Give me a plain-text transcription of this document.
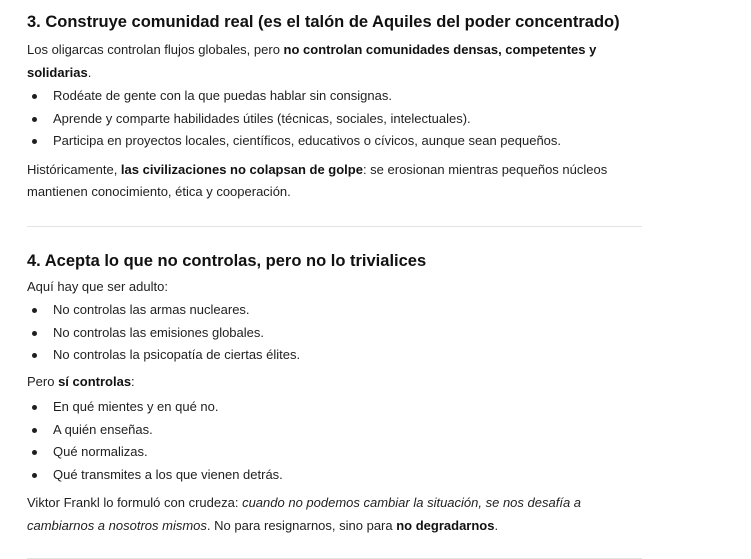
3. Construye comunidad real (es el talón de Aquiles del poder concentrado)

Los oligarcas controlan flujos globales, pero no controlan comunidades densas, competentes y solidarias.

Rodéate de gente con la que puedas hablar sin consignas.
Aprende y comparte habilidades útiles (técnicas, sociales, intelectuales).
Participa en proyectos locales, científicos, educativos o cívicos, aunque sean pequeños.

Históricamente, las civilizaciones no colapsan de golpe: se erosionan mientras pequeños núcleos mantienen conocimiento, ética y cooperación.

4. Acepta lo que no controlas, pero no lo trivialices

Aquí hay que ser adulto:

No controlas las armas nucleares.
No controlas las emisiones globales.
No controlas la psicopatía de ciertas élites.

Pero sí controlas:

En qué mientes y en qué no.
A quién enseñas.
Qué normalizas.
Qué transmites a los que vienen detrás.

Viktor Frankl lo formuló con crudeza: cuando no podemos cambiar la situación, se nos desafía a cambiarnos a nosotros mismos. No para resignarnos, sino para no degradarnos.
